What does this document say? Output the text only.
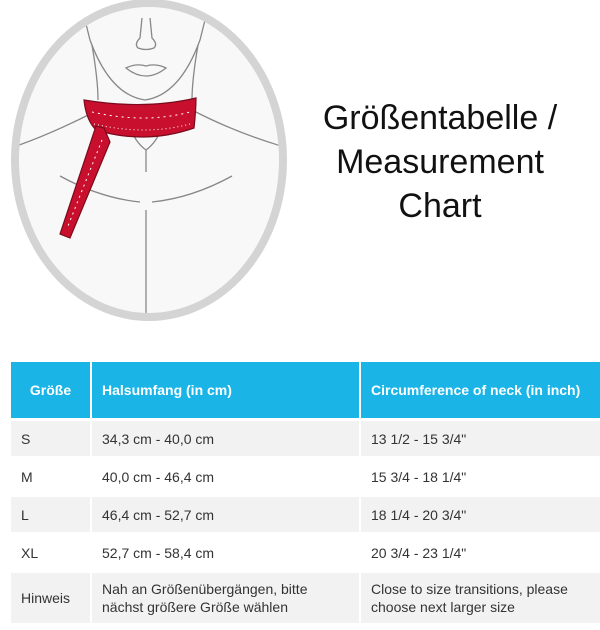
Größentabelle /
Measurement
Chart
Größe	Halsumfang (in cm)	Circumference of neck (in inch)
S	34,3 cm - 40,0 cm	13 1/2 - 15 3/4"
M	40,0 cm - 46,4 cm	15 3/4 - 18 1/4"
L	46,4 cm - 52,7 cm	18 1/4 - 20 3/4"
XL	52,7 cm - 58,4 cm	20 3/4 - 23 1/4"
Hinweis	Nah an Größenübergängen, bitte nächst größere Größe wählen	Close to size transitions, please choose next larger size
